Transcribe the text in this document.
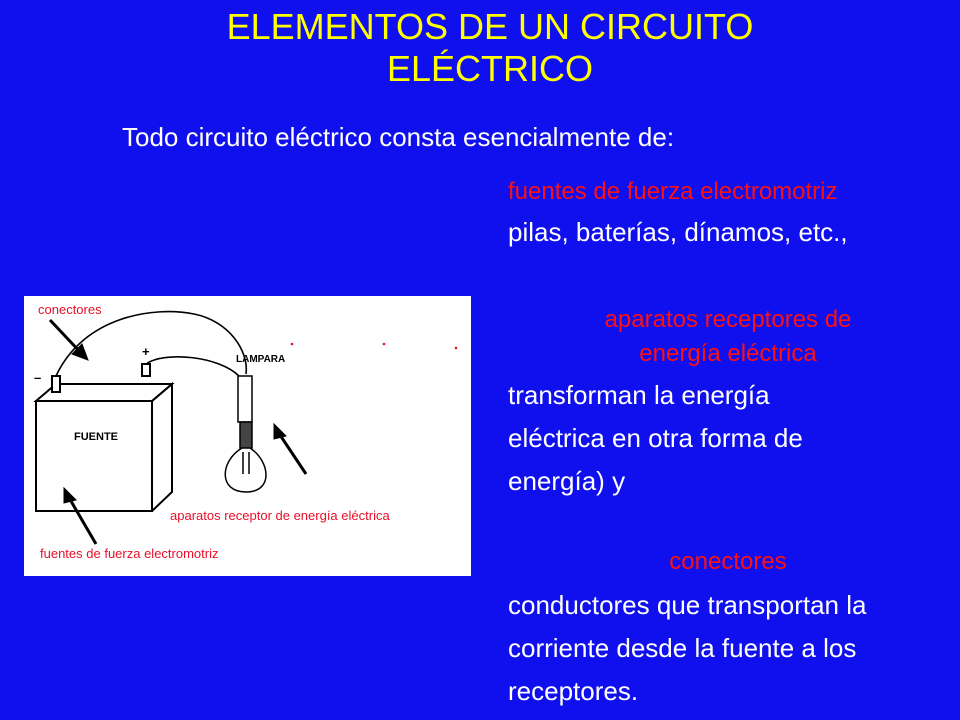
ELEMENTOS DE UN CIRCUITO
ELÉCTRICO
Todo circuito eléctrico consta esencialmente de:
fuentes de fuerza electromotriz
pilas, baterías, dínamos, etc.,
aparatos receptores de
energía eléctrica
transforman la energía
eléctrica en otra forma de
energía) y
conectores
conductores que transportan la
corriente desde la fuente a los
receptores.
conectores
+
–
LAMPARA
FUENTE
aparatos receptor de energía eléctrica
fuentes de fuerza electromotriz
